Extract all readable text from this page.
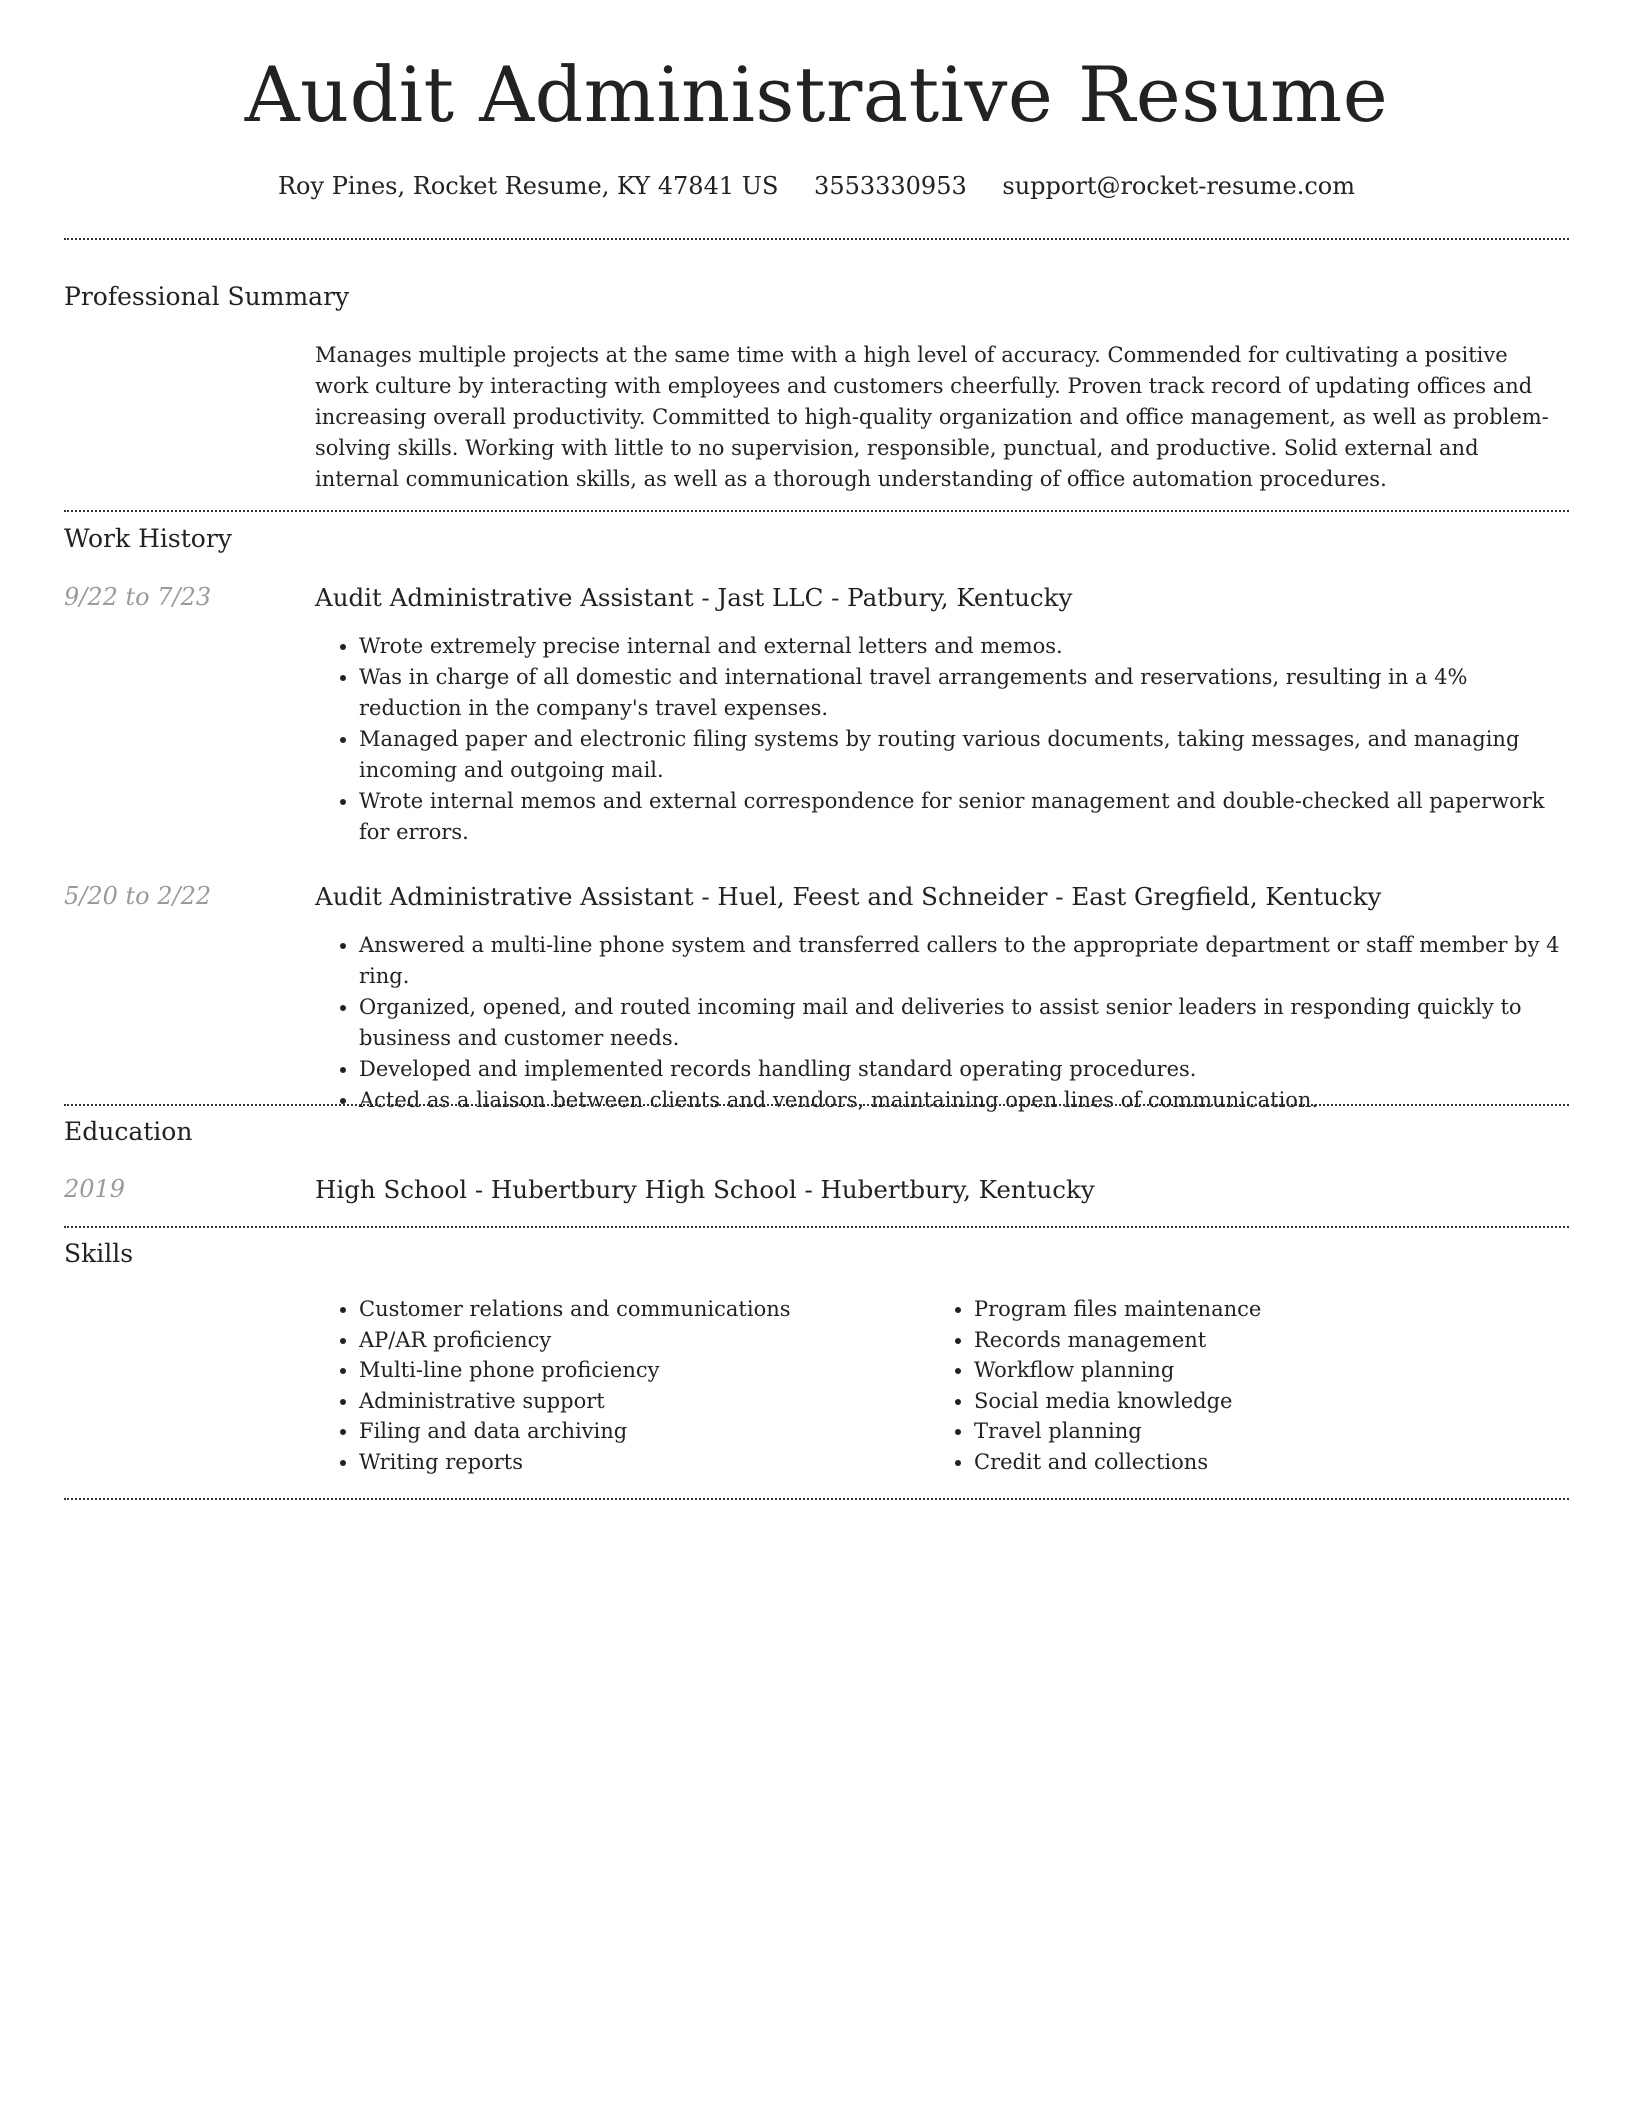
Audit Administrative Resume
Roy Pines, Rocket Resume, KY 47841 US 3553330953 support@rocket-resume.com
Professional Summary

Manages multiple projects at the same time with a high level of accuracy. Commended for cultivating a positive work culture by interacting with employees and customers cheerfully. Proven track record of updating offices and increasing overall productivity. Committed to high-quality organization and office management, as well as problem-solving skills. Working with little to no supervision, responsible, punctual, and productive. Solid external and internal communication skills, as well as a thorough understanding of office automation procedures.

Work History
9/22 to 7/23	Audit Administrative Assistant - Jast LLC - Patbury, Kentucky
• Wrote extremely precise internal and external letters and memos.
• Was in charge of all domestic and international travel arrangements and reservations, resulting in a 4% reduction in the company's travel expenses.
• Managed paper and electronic filing systems by routing various documents, taking messages, and managing incoming and outgoing mail.
• Wrote internal memos and external correspondence for senior management and double-checked all paperwork for errors.
5/20 to 2/22	Audit Administrative Assistant - Huel, Feest and Schneider - East Gregfield, Kentucky
• Answered a multi-line phone system and transferred callers to the appropriate department or staff member by 4 ring.
• Organized, opened, and routed incoming mail and deliveries to assist senior leaders in responding quickly to business and customer needs.
• Developed and implemented records handling standard operating procedures.
• Acted as a liaison between clients and vendors, maintaining open lines of communication.
Education
2019	High School - Hubertbury High School - Hubertbury, Kentucky
Skills
• Customer relations and communications
• AP/AR proficiency
• Multi-line phone proficiency
• Administrative support
• Filing and data archiving
• Writing reports
• Program files maintenance
• Records management
• Workflow planning
• Social media knowledge
• Travel planning
• Credit and collections
